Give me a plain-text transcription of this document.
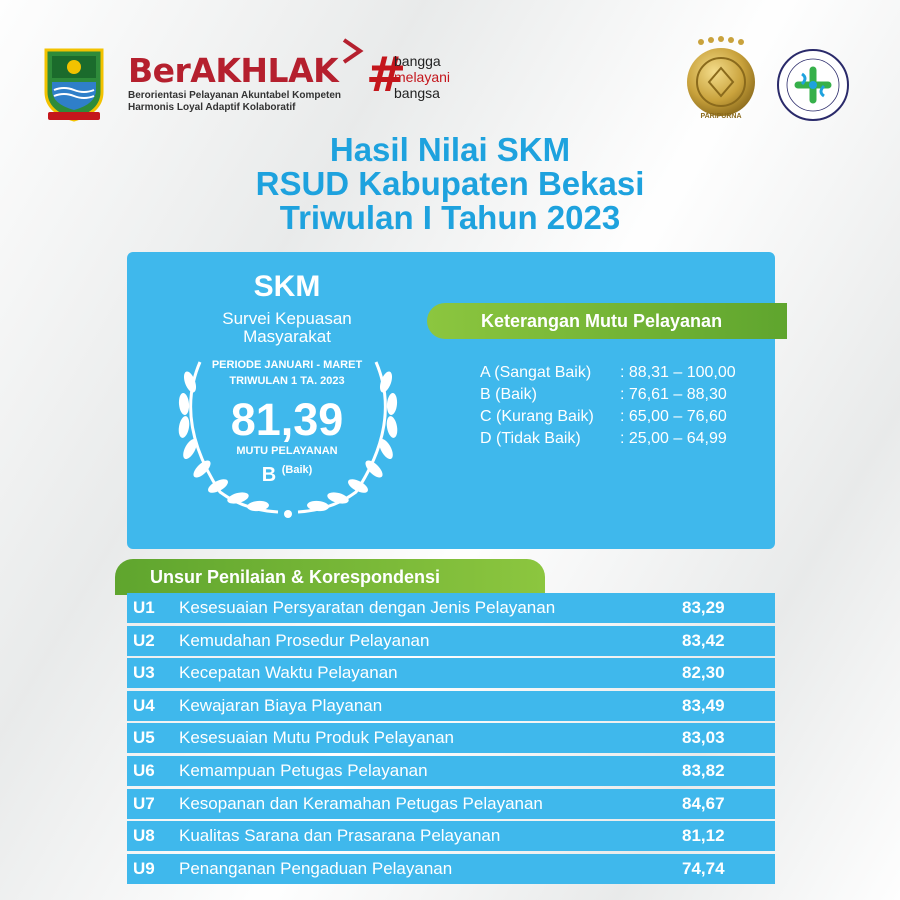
BerAKHLAK
Berorientasi Pelayanan Akuntabel Kompeten
Harmonis Loyal Adaptif Kolaboratif
#
bangga
melayani
bangsa
PARIPURNA
Hasil Nilai SKM
RSUD Kabupaten Bekasi
Triwulan I Tahun 2023
SKM
Survei Kepuasan
Masyarakat
PERIODE JANUARI - MARET
TRIWULAN 1 TA. 2023
81,39
MUTU PELAYANAN
B $^{(Baik)}$
Keterangan Mutu Pelayanan
A (Sangat Baik) : 88,31 – 100,00
B (Baik)	: 76,61 – 88,30
C (Kurang Baik) : 65,00 – 76,60
D (Tidak Baik) : 25,00 – 64,99
Unsur Penilaian & Korespondensi
U1 Kesesuaian Persyaratan dengan Jenis Pelayanan	83,29
U2 Kemudahan Prosedur Pelayanan	83,42
U3 Kecepatan Waktu Pelayanan	82,30
U4 Kewajaran Biaya Playanan	83,49
U5 Kesesuaian Mutu Produk Pelayanan	83,03
U6 Kemampuan Petugas Pelayanan	83,82
U7 Kesopanan dan Keramahan Petugas Pelayanan	84,67
U8 Kualitas Sarana dan Prasarana Pelayanan	81,12
U9 Penanganan Pengaduan Pelayanan	74,74
